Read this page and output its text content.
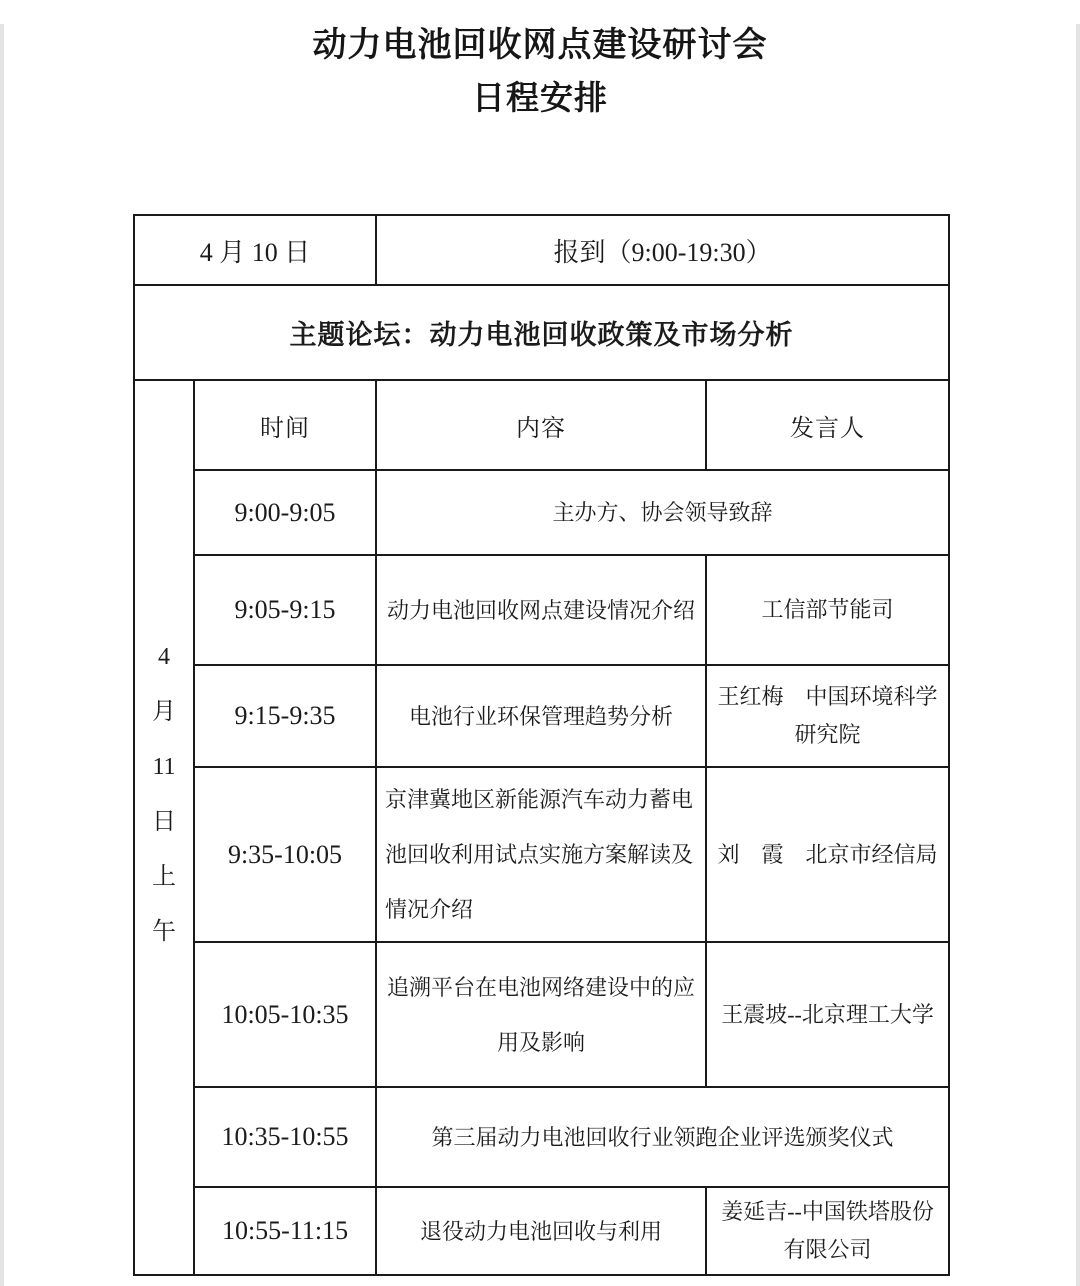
动力电池回收网点建设研讨会
日程安排
4 月 10 日		报到（9:00-19:30）	
主题论坛：动力电池回收政策及市场分析			

4
月
11
日
上
午
	时间	内容	发言人
	9:00-9:05	主办方、协会领导致辞	
	9:05-9:15	动力电池回收网点建设情况介绍	工信部节能司
	9:15-9:35	电池行业环保管理趋势分析	王红梅　中国环境科学研究院
	9:35-10:05	京津冀地区新能源汽车动力蓄电池回收利用试点实施方案解读及情况介绍	刘　霞　北京市经信局
	10:05-10:35	追溯平台在电池网络建设中的应用及影响	王震坡--北京理工大学
	10:35-10:55	第三届动力电池回收行业领跑企业评选颁奖仪式	
	10:55-11:15	退役动力电池回收与利用	姜延吉--中国铁塔股份有限公司
